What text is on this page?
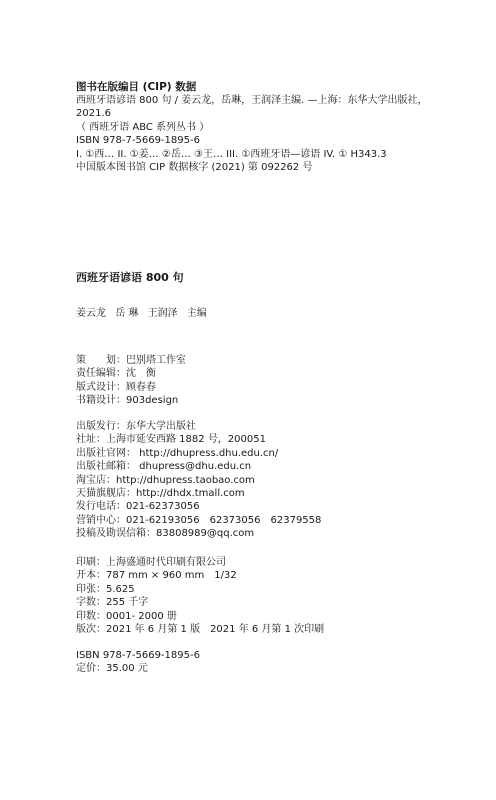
图书在版编目 (CIP) 数据
西班牙语谚语 800 句 / 姜云龙，岳琳，王润泽主编. —上海：东华大学出版社，
2021.6
（ 西班牙语 ABC 系列丛书 ）
ISBN 978-7-5669-1895-6
I. ①西… II. ①姜… ②岳… ③王… III. ①西班牙语—谚语 IV. ① H343.3
中国版本图书馆 CIP 数据核字 (2021) 第 092262 号
西班牙语谚语 800 句
姜云龙 岳 琳 王润泽 主编
策　　划：巴别塔工作室
责任编辑：沈　衡
版式设计：顾春春
书籍设计：903design
出版发行：东华大学出版社
社址：上海市延安西路 1882 号，200051
出版社官网： http://dhupress.dhu.edu.cn/
出版社邮箱： dhupress@dhu.edu.cn
淘宝店：http://dhupress.taobao.com
天猫旗舰店：http://dhdx.tmall.com
发行电话：021-62373056
营销中心：021-62193056　62373056　62379558
投稿及勘误信箱：83808989@qq.com
印刷：上海盛通时代印刷有限公司
开本：787 mm × 960 mm　1/32
印张：5.625
字数：255 千字
印数：0001- 2000 册
版次：2021 年 6 月第 1 版　2021 年 6 月第 1 次印刷
ISBN 978-7-5669-1895-6
定价：35.00 元
